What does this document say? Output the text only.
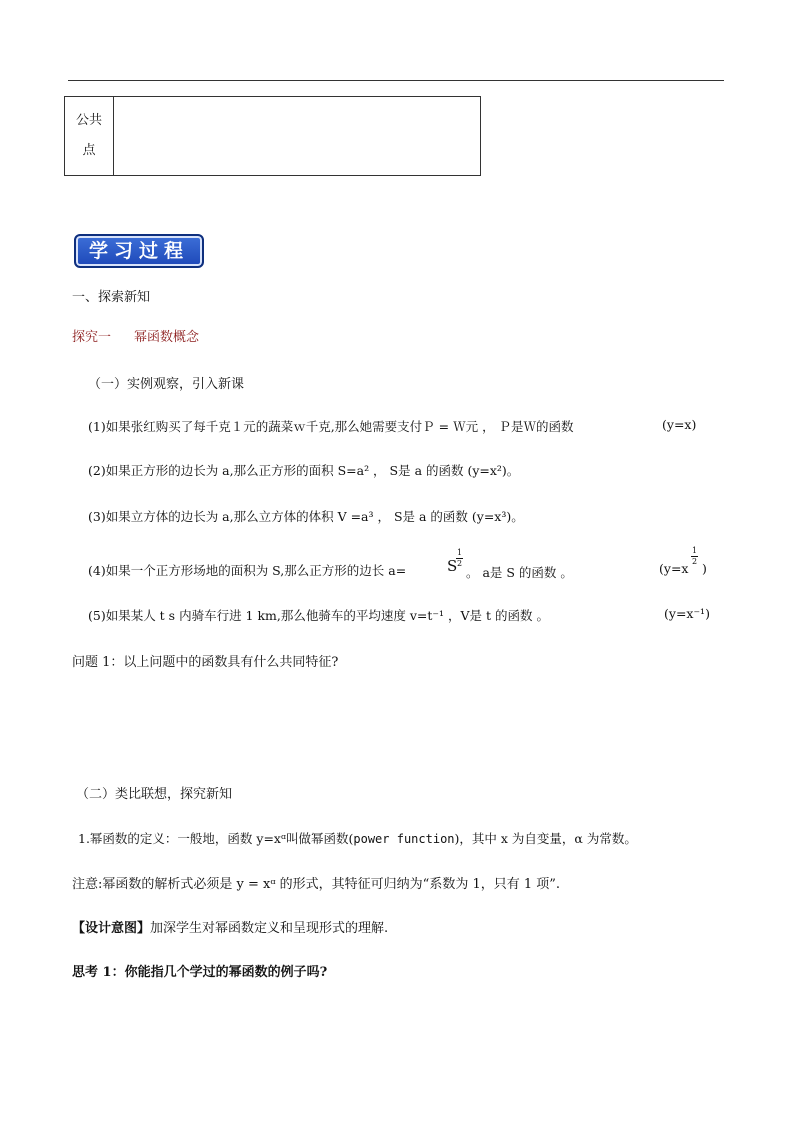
公共
点

学习过程
一、探索新知
探究一 幂函数概念
（一）实例观察，引入新课
(1)如果张红购买了每千克１元的蔬菜ｗ千克,那么她需要支付Ｐ = Ｗ元 ， Ｐ是Ｗ的函数	(y=x)
(2)如果正方形的边长为 a,那么正方形的面积 S=a² ， S是 a 的函数 (y=x²)。
(3)如果立方体的边长为 a,那么立方体的体积 V =a³ ， S是 a 的函数 (y=x³)。
(4)如果一个正方形场地的面积为 S,那么正方形的边长 a=	S
1
2
。 a是 S 的函数 。	(y=x
1
2 )
(5)如果某人 t s 内骑车行进 1 km,那么他骑车的平均速度 v=t⁻¹ ，V是 t 的函数 。	(y=x⁻¹)
问题 1：以上问题中的函数具有什么共同特征?
（二）类比联想，探究新知
1.幂函数的定义：一般地，函数 y=xᵅ叫做幂函数(power function)，其中 x 为自变量，α 为常数。
注意:幂函数的解析式必须是 y = xᵅ 的形式，其特征可归纳为“系数为 1，只有 1 项”.
【设计意图】加深学生对幂函数定义和呈现形式的理解.
思考 1：你能指几个学过的幂函数的例子吗?
